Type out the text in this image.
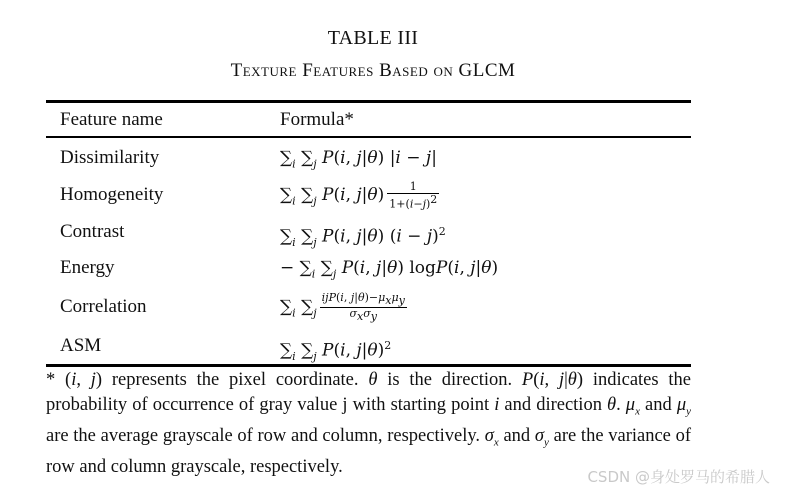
TABLE III
Texture Features Based on GLCM
Feature name	Formula*
Dissimilarity	$\sum_i$ $\sum_j$ P(i, j|θ) |i − j|
Homogeneity	$\sum_i$ $\sum_j$ P(i, $j|\theta) \frac{1}{1+(i-j)^2}$
Contrast	$\sum_i$ $\sum_j$ P(i, j|θ) $(i - j)^2$
Energy	− $\sum_i$ $\sum_j$ P(i, j|θ) logP(i, j|θ)
Correlation	$\sum_i$ $\sum_j \frac{ijP(i, j|\theta)-\mu_x\mu_y}{\sigma_x\sigma_y}$
ASM	$\sum_i$ $\sum_j$ P(i, j|θ)$^2$

* (i, j) represents the pixel coordinate. θ is the direction. P(i, j|θ) indicates the probability of occurrence of gray value j with starting point i and direction θ. $\mu_x$ and $\mu_y$ are the average grayscale of row and column, respectively. $\sigma_x$ and $\sigma_y$ are the variance of row and column grayscale, respectively.

CSDN @身处罗马的希腊人
